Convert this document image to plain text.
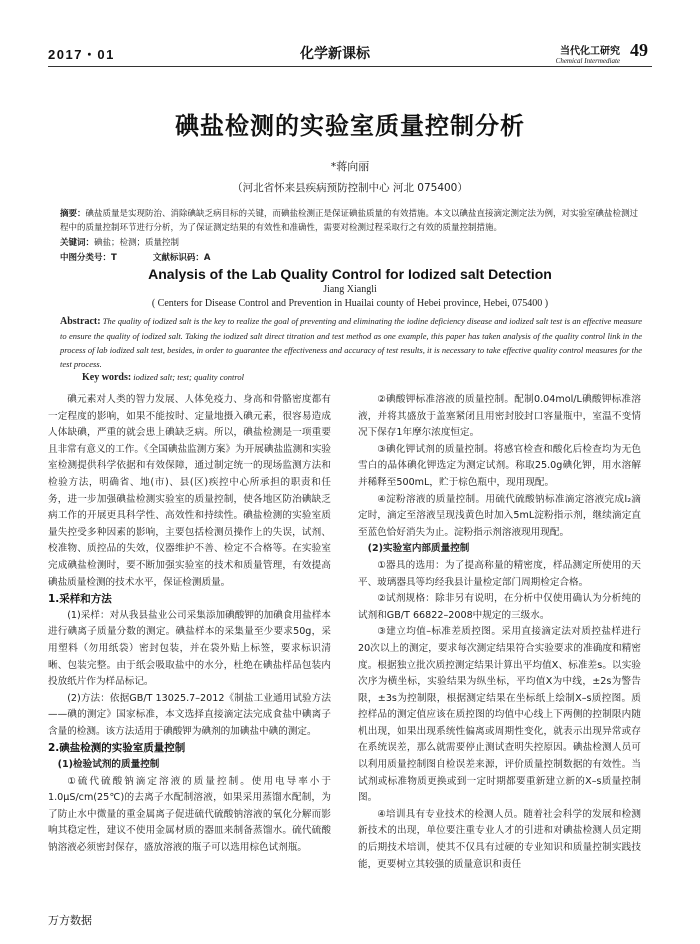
2017・01	化学新课标	当代化工研究
Chemical Intermediate
49
碘盐检测的实验室质量控制分析
*蒋向丽
（河北省怀来县疾病预防控制中心 河北 075400）
摘要：碘盐质量是实现防治、消除碘缺乏病目标的关键，而碘盐检测正是保证碘盐质量的有效措施。本文以碘盐直接滴定测定法为例，对实验室碘盐检测过程中的质量控制环节进行分析，为了保证测定结果的有效性和准确性，需要对检测过程采取行之有效的质量控制措施。
关键词：碘盐；检测；质量控制
中图分类号：T	文献标识码：A
Analysis of the Lab Quality Control for Iodized salt Detection
Jiang Xiangli
( Centers for Disease Control and Prevention in Huailai county of Hebei province, Hebei, 075400 )
Abstract: The quality of iodized salt is the key to realize the goal of preventing and eliminating the iodine deficiency disease and iodized salt test is an effective measure to ensure the quality of iodized salt. Taking the iodized salt direct titration and test method as one example, this paper has taken analysis of the quality control link in the process of lab iodized salt test, besides, in order to guarantee the effectiveness and accuracy of test results, it is necessary to take effective quality control measures for the test process.
Key words: iodized salt; test; quality control

碘元素对人类的智力发展、人体免疫力、身高和骨骼密度都有一定程度的影响，如果不能按时、定量地摄入碘元素，很容易造成人体缺碘，严重的就会患上碘缺乏病。所以，碘盐检测是一项重要且非常有意义的工作。《全国碘盐监测方案》为开展碘盐监测和实验室检测提供科学依据和有效保障，通过制定统一的现场监测方法和检验方法，明确省、地(市)、县(区)疾控中心所承担的职责和任务，进一步加强碘盐检测实验室的质量控制，使各地区防治碘缺乏病工作的开展更具科学性、高效性和持续性。碘盐检测的实验室质量失控受多种因素的影响，主要包括检测员操作上的失误，试剂、校准物、质控品的失效，仪器维护不善、检定不合格等。在实验室完成碘盐检测时，要不断加强实验室的技术和质量管理，有效提高碘盐质量检测的技术水平，保证检测质量。

1.采样和方法

(1)采样：对从我县盐业公司采集添加碘酸钾的加碘食用盐样本进行碘离子质量分数的测定。碘盐样本的采集量至少要求50g，采用塑料（勿用纸袋）密封包装，并在袋外贴上标签，要求标识清晰、包装完整。由于纸会吸取盐中的水分，杜绝在碘盐样品包装内投放纸片作为样品标记。

(2)方法：依据GB/T 13025.7–2012《制盐工业通用试验方法——碘的测定》国家标准，本文选择直接滴定法完成食盐中碘离子含量的检测。该方法适用于碘酸钾为碘剂的加碘盐中碘的测定。

2.碘盐检测的实验室质量控制

(1)检验试剂的质量控制

①硫代硫酸钠滴定溶液的质量控制。使用电导率小于1.0μS/cm(25℃)的去离子水配制溶液，如果采用蒸馏水配制，为了防止水中微量的重金属离子促进硫代硫酸钠溶液的氧化分解而影响其稳定性，建议不使用金属材质的器皿来制备蒸馏水。硫代硫酸钠溶液必须密封保存，盛放溶液的瓶子可以选用棕色试剂瓶。

②碘酸钾标准溶液的质量控制。配制0.04mol/L碘酸钾标准溶液，并将其盛放于盖塞紧闭且用密封胶封口容量瓶中，室温不变情况下保存1年摩尔浓度恒定。

③碘化钾试剂的质量控制。将感官检查和酸化后检查均为无色雪白的晶体碘化钾选定为测定试剂。称取25.0g碘化钾，用水溶解并稀释至500mL，贮于棕色瓶中，现用现配。

④淀粉溶液的质量控制。用硫代硫酸钠标准滴定溶液完成I₂滴定时，滴定至溶液呈现浅黄色时加入5mL淀粉指示剂，继续滴定直至蓝色恰好消失为止。淀粉指示剂溶液现用现配。

(2)实验室内部质量控制

①器具的选用：为了提高称量的精密度，样品测定所使用的天平、玻璃器具等均经我县计量检定部门周期检定合格。

②试剂规格：除非另有说明，在分析中仅使用确认为分析纯的试剂和GB/T 66822–2008中规定的三级水。

③建立均值–标准差质控图。采用直接滴定法对质控盐样进行20次以上的测定，要求每次测定结果符合实验要求的准确度和精密度。根据独立批次质控测定结果计算出平均值X、标准差s。以实验次序为横坐标，实验结果为纵坐标，平均值X为中线，±2s为警告限，±3s为控制限，根据测定结果在坐标纸上绘制X–s质控图。质控样品的测定值应该在质控图的均值中心线上下两侧的控制限内随机出现，如果出现系统性偏离或周期性变化，就表示出现异常或存在系统误差，那么就需要停止测试查明失控原因。碘盐检测人员可以利用质量控制图自检误差来源，评价质量控制数据的有效性。当试剂或标准物质更换或到一定时期都要重新建立新的X–s质量控制图。

④培训具有专业技术的检测人员。随着社会科学的发展和检测新技术的出现，单位要注重专业人才的引进和对碘盐检测人员定期的后期技术培训，使其不仅具有过硬的专业知识和质量控制实践技能，更要树立其较强的质量意识和责任

万方数据
